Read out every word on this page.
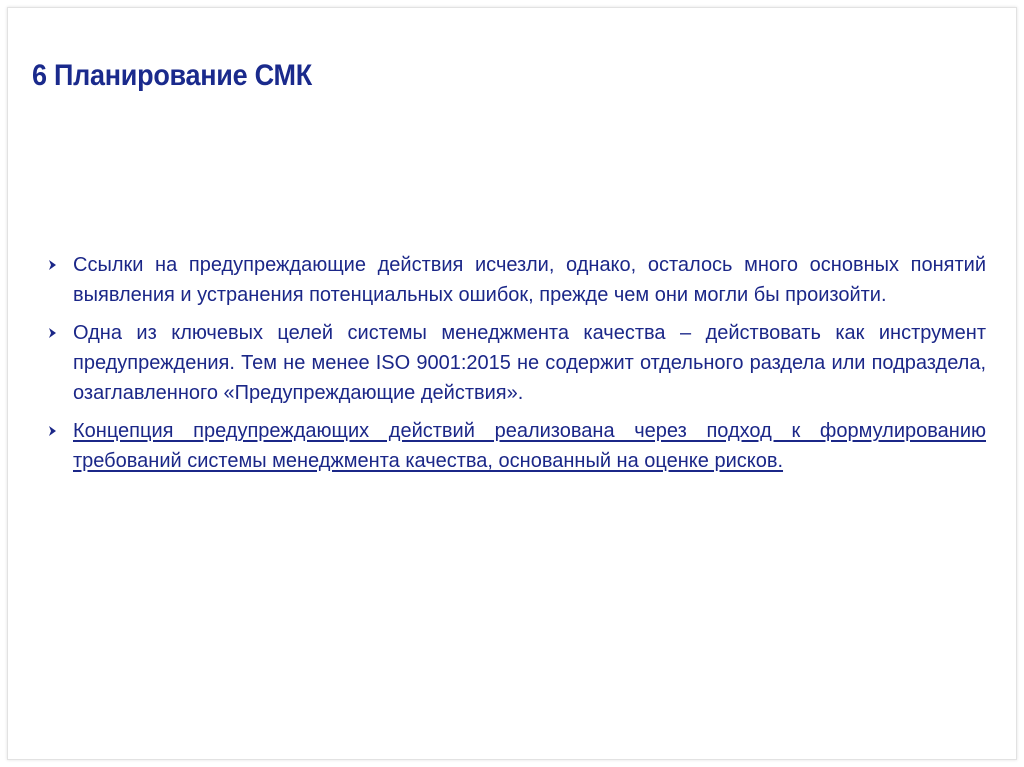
6 Планирование СМК
Ссылки на предупреждающие действия исчезли, однако, осталось много основных понятий выявления и устранения потенциальных ошибок, прежде чем они могли бы произойти.
Одна из ключевых целей системы менеджмента качества – действовать как инструмент предупреждения. Тем не менее ISO 9001:2015 не содержит отдельного раздела или подраздела, озаглавленного «Предупреждающие действия».
Концепция предупреждающих действий реализована через подход к формулированию требований системы менеджмента качества, основанный на оценке рисков.
